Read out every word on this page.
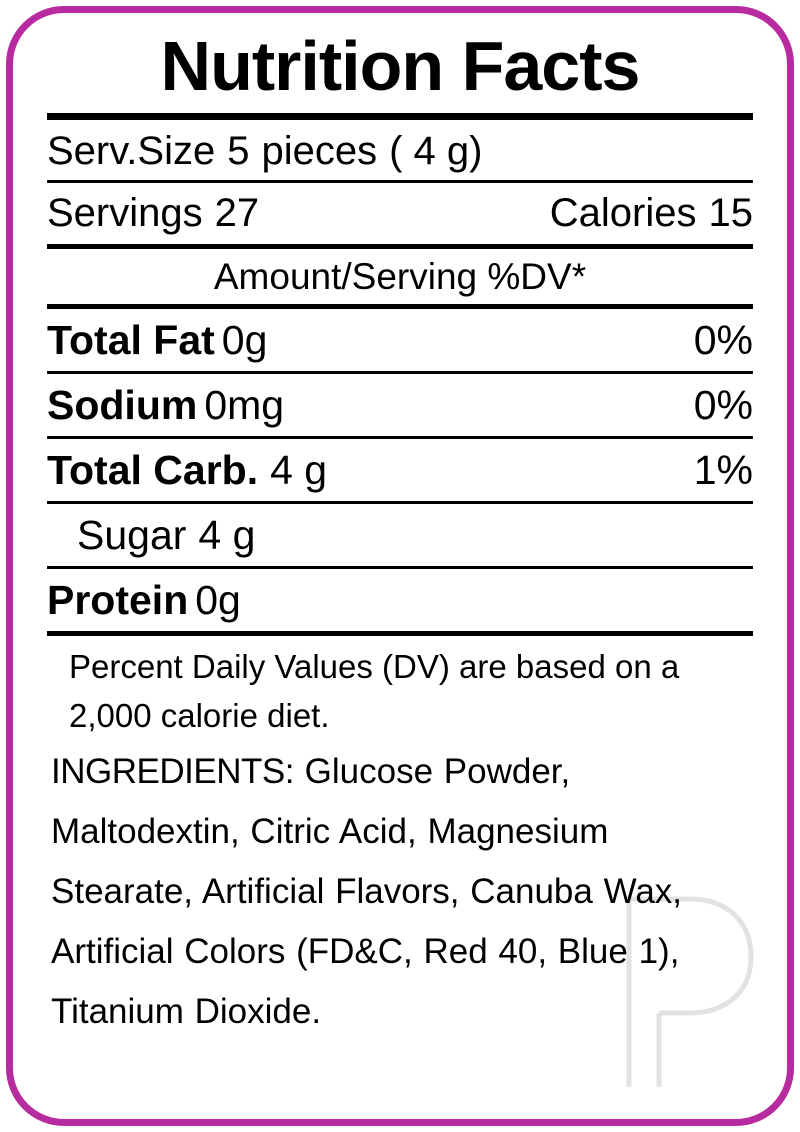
Nutrition Facts
Serv.Size 5 pieces ( 4 g)
Servings 27	Calories 15
Amount/Serving %DV*
Total Fat 0g	0%
Sodium 0mg	0%
Total Carb. 4 g	1%
Sugar 4 g
Protein 0g
Percent Daily Values (DV) are based on a 2,000 calorie diet.
INGREDIENTS: Glucose Powder, Maltodextin, Citric Acid, Magnesium Stearate, Artificial Flavors, Canuba Wax, Artificial Colors (FD&C, Red 40, Blue 1), Titanium Dioxide.
